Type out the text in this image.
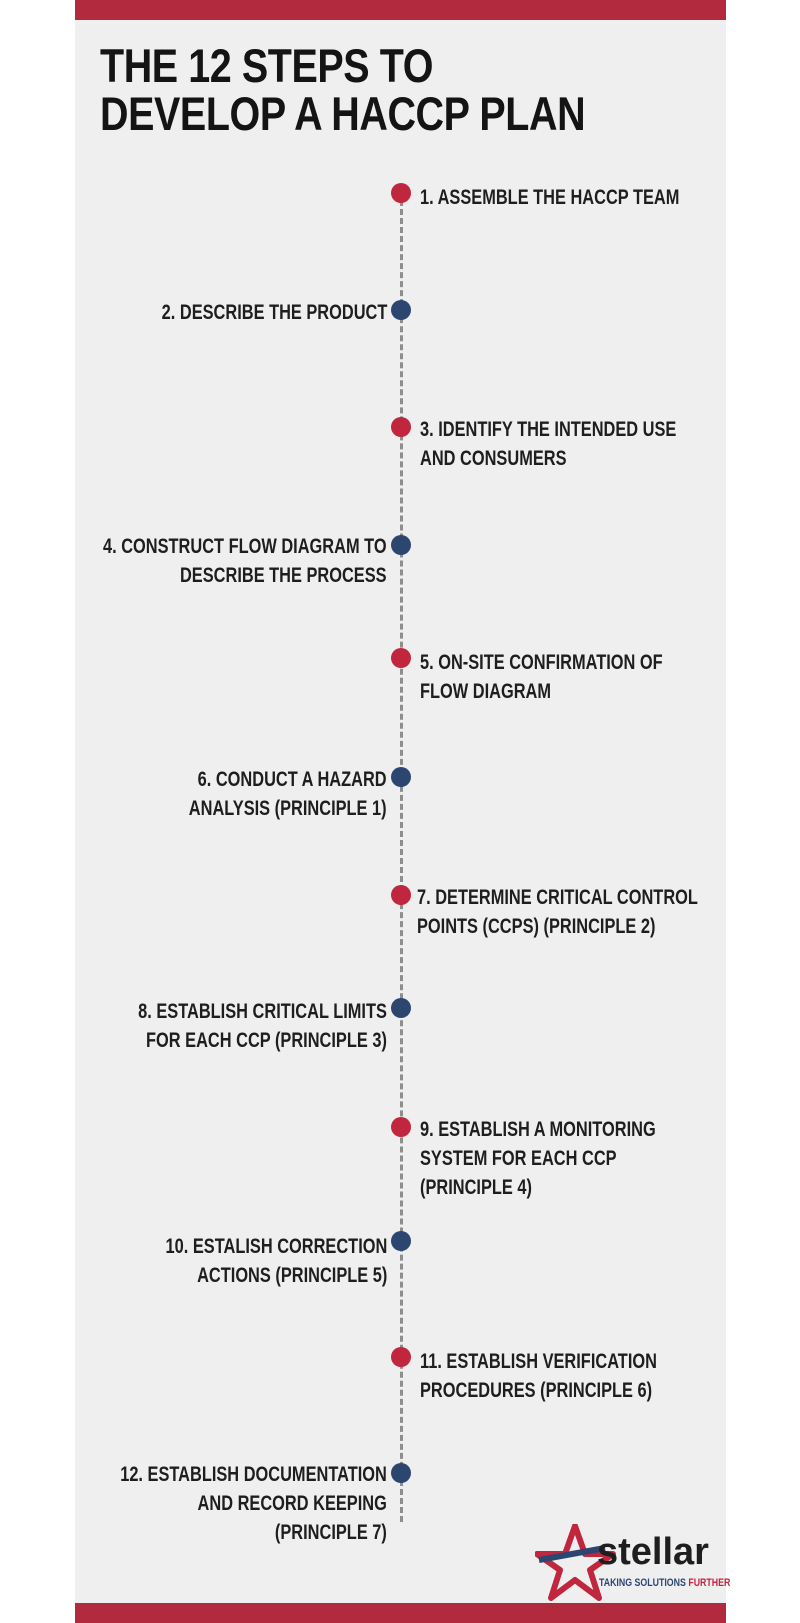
THE 12 STEPS TO DEVELOP A HACCP PLAN
1. ASSEMBLE THE HACCP TEAM
2. DESCRIBE THE PRODUCT
3. IDENTIFY THE INTENDED USE
AND CONSUMERS
4. CONSTRUCT FLOW DIAGRAM TO
DESCRIBE THE PROCESS
5. ON-SITE CONFIRMATION OF
FLOW DIAGRAM
6. CONDUCT A HAZARD
ANALYSIS (PRINCIPLE 1)
7. DETERMINE CRITICAL CONTROL
POINTS (CCPS) (PRINCIPLE 2)
8. ESTABLISH CRITICAL LIMITS
FOR EACH CCP (PRINCIPLE 3)
9. ESTABLISH A MONITORING
SYSTEM FOR EACH CCP
(PRINCIPLE 4)
10. ESTALISH CORRECTION
ACTIONS (PRINCIPLE 5)
11. ESTABLISH VERIFICATION
PROCEDURES (PRINCIPLE 6)
12. ESTABLISH DOCUMENTATION
AND RECORD KEEPING
(PRINCIPLE 7)	stellar
TAKING SOLUTIONS FURTHER
